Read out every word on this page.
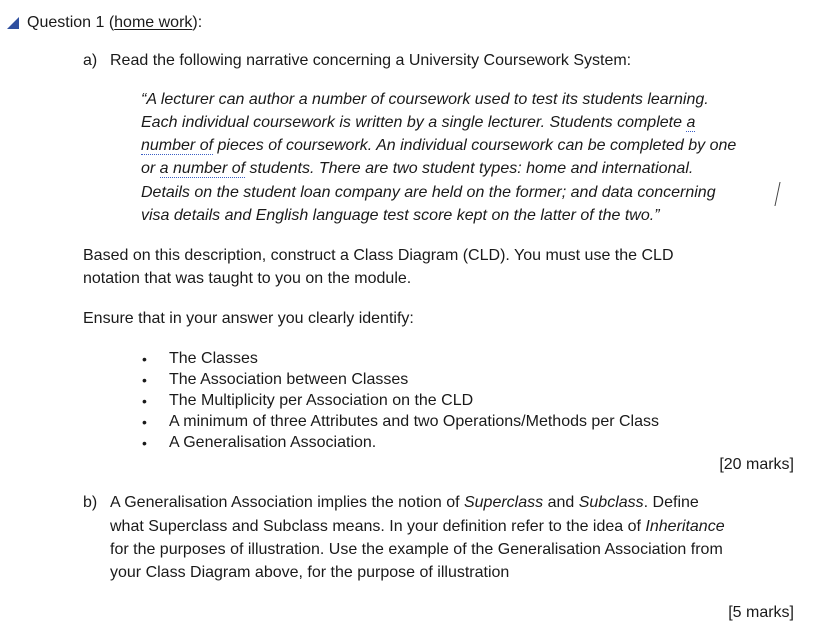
Question 1 (home work):
a) Read the following narrative concerning a University Coursework System:
“A lecturer can author a number of coursework used to test its students learning.
Each individual coursework is written by a single lecturer. Students complete a
number of pieces of coursework. An individual coursework can be completed by one
or a number of students. There are two student types: home and international.
Details on the student loan company are held on the former; and data concerning
visa details and English language test score kept on the latter of the two.”
Based on this description, construct a Class Diagram (CLD). You must use the CLD
notation that was taught to you on the module.
Ensure that in your answer you clearly identify:
• The Classes
• The Association between Classes
• The Multiplicity per Association on the CLD
• A minimum of three Attributes and two Operations/Methods per Class
• A Generalisation Association.
[20 marks]
b) A Generalisation Association implies the notion of Superclass and Subclass. Define
what Superclass and Subclass means. In your definition refer to the idea of Inheritance
for the purposes of illustration. Use the example of the Generalisation Association from
your Class Diagram above, for the purpose of illustration
[5 marks]
